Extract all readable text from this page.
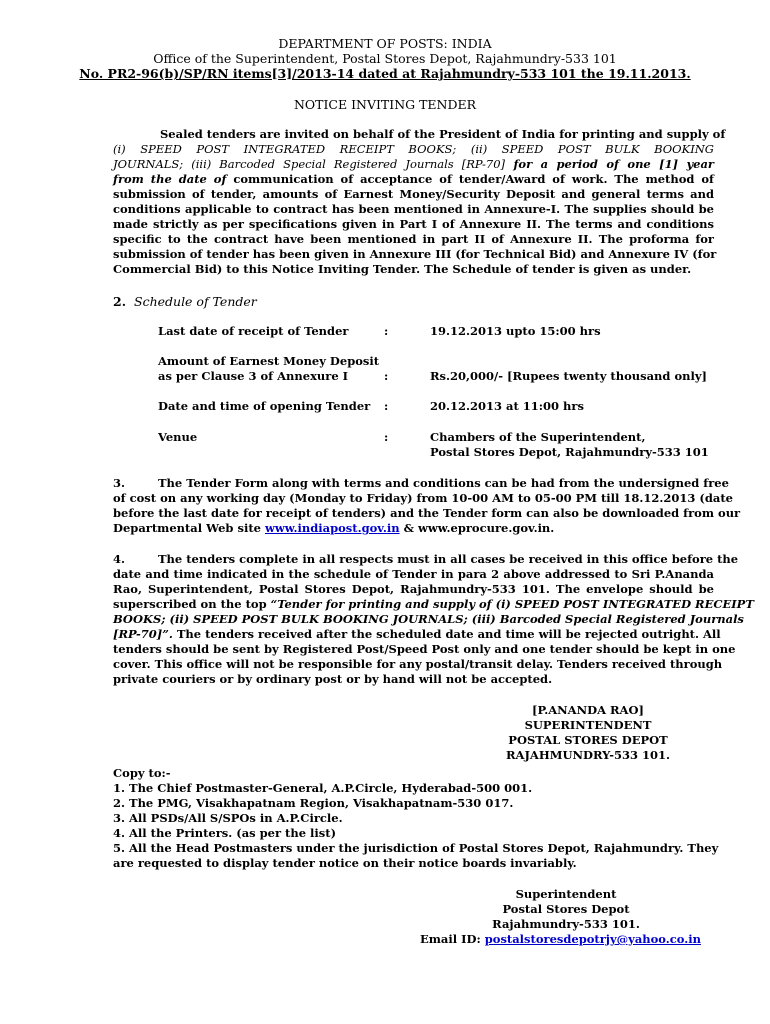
DEPARTMENT OF POSTS: INDIA
Office of the Superintendent, Postal Stores Depot, Rajahmundry-533 101
No. PR2-96(b)/SP/RN items[3]/2013-14 dated at Rajahmundry-533 101 the 19.11.2013.
NOTICE INVITING TENDER
Sealed tenders are invited on behalf of the President of India for printing and supply of
(i) SPEED POST INTEGRATED RECEIPT BOOKS; (ii) SPEED POST BULK BOOKING
JOURNALS; (iii) Barcoded Special Registered Journals [RP-70] for a period of one [1] year
from the date of communication of acceptance of tender/Award of work. The method of
submission of tender, amounts of Earnest Money/Security Deposit and general terms and
conditions applicable to contract has been mentioned in Annexure-I. The supplies should be
made strictly as per specifications given in Part I of Annexure II. The terms and conditions
specific to the contract have been mentioned in part II of Annexure II. The proforma for
submission of tender has been given in Annexure III (for Technical Bid) and Annexure IV (for
Commercial Bid) to this Notice Inviting Tender. The Schedule of tender is given as under.
2. Schedule of Tender
Last date of receipt of Tender	:	19.12.2013 upto 15:00 hrs
Amount of Earnest Money Deposit
as per Clause 3 of Annexure I	:	Rs.20,000/- [Rupees twenty thousand only]
Date and time of opening Tender :	20.12.2013 at 11:00 hrs
Venue	:	Chambers of the Superintendent,
Postal Stores Depot, Rajahmundry-533 101
3.	The Tender Form along with terms and conditions can be had from the undersigned free
of cost on any working day (Monday to Friday) from 10-00 AM to 05-00 PM till 18.12.2013 (date
before the last date for receipt of tenders) and the Tender form can also be downloaded from our
Departmental Web site www.indiapost.gov.in & www.eprocure.gov.in.
4.	The tenders complete in all respects must in all cases be received in this office before the
date and time indicated in the schedule of Tender in para 2 above addressed to Sri P.Ananda
Rao, Superintendent, Postal Stores Depot, Rajahmundry-533 101. The envelope should be
superscribed on the top “Tender for printing and supply of (i) SPEED POST INTEGRATED RECEIPT
BOOKS; (ii) SPEED POST BULK BOOKING JOURNALS; (iii) Barcoded Special Registered Journals
[RP-70]”. The tenders received after the scheduled date and time will be rejected outright. All
tenders should be sent by Registered Post/Speed Post only and one tender should be kept in one
cover. This office will not be responsible for any postal/transit delay. Tenders received through
private couriers or by ordinary post or by hand will not be accepted.
[P.ANANDA RAO]
SUPERINTENDENT
POSTAL STORES DEPOT
RAJAHMUNDRY-533 101.
Copy to:-
1. The Chief Postmaster-General, A.P.Circle, Hyderabad-500 001.
2. The PMG, Visakhapatnam Region, Visakhapatnam-530 017.
3. All PSDs/All S/SPOs in A.P.Circle.
4. All the Printers. (as per the list)
5. All the Head Postmasters under the jurisdiction of Postal Stores Depot, Rajahmundry. They
are requested to display tender notice on their notice boards invariably.
Superintendent
Postal Stores Depot
Rajahmundry-533 101.
Email ID: postalstoresdepotrjy@yahoo.co.in
